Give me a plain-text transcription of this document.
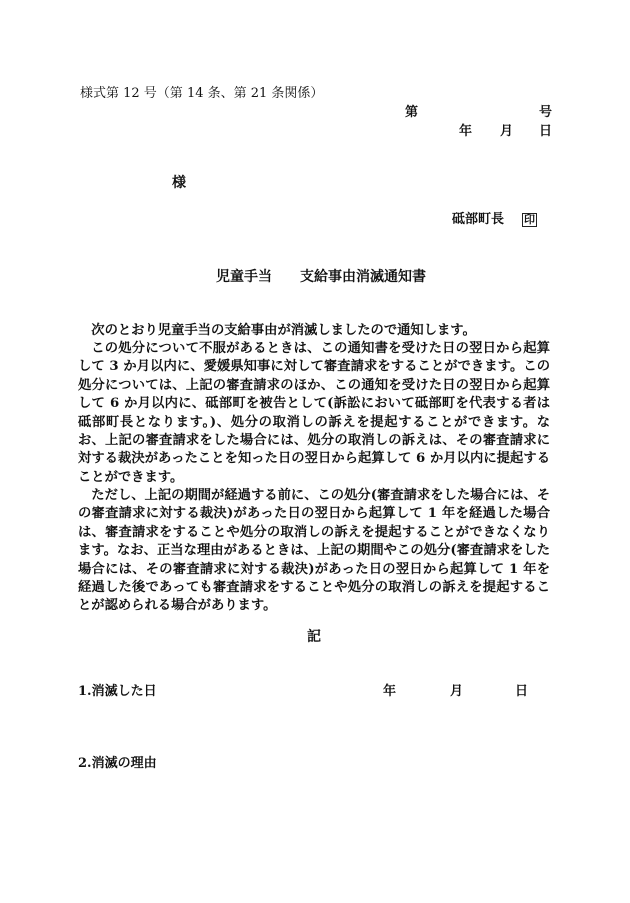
様式第 12 号（第 14 条、第 21 条関係）
第	号
年 月 日
様
砥部町長 印
児童手当 支給事由消滅通知書

次のとおり児童手当の支給事由が消滅しましたので通知します。

この処分について不服があるときは、この通知書を受けた日の翌日から起算して 3 か月以内に、愛媛県知事に対して審査請求をすることができます。この処分については、上記の審査請求のほか、この通知を受けた日の翌日から起算して 6 か月以内に、砥部町を被告として(訴訟において砥部町を代表する者は砥部町長となります。)、処分の取消しの訴えを提起することができます。なお、上記の審査請求をした場合には、処分の取消しの訴えは、その審査請求に対する裁決があったことを知った日の翌日から起算して 6 か月以内に提起することができます。

ただし、上記の期間が経過する前に、この処分(審査請求をした場合には、その審査請求に対する裁決)があった日の翌日から起算して 1 年を経過した場合は、審査請求をすることや処分の取消しの訴えを提起することができなくなります。なお、正当な理由があるときは、上記の期間やこの処分(審査請求をした場合には、その審査請求に対する裁決)があった日の翌日から起算して 1 年を経過した後であっても審査請求をすることや処分の取消しの訴えを提起することが認められる場合があります。

記
1.消滅した日	年	月	日
2.消滅の理由
